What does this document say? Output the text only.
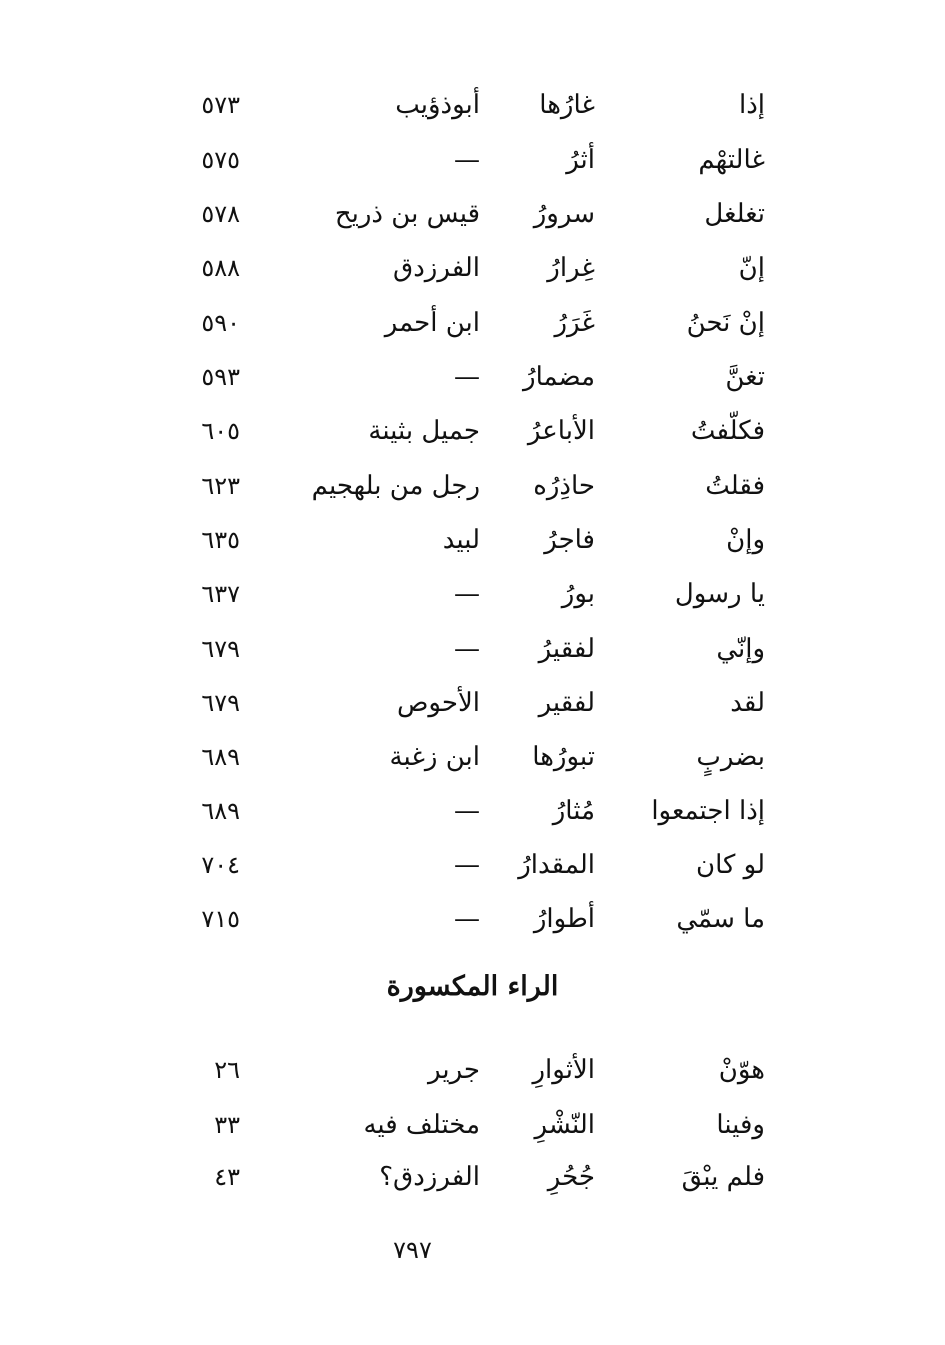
إذا
غارُها
أبوذؤيب
٥٧٣
غالتهْم
أثرُ
—
٥٧٥
تغلغل
سرورُ
قيس بن ذريح
٥٧٨
إنّ
غِرارُ
الفرزدق
٥٨٨
إنْ نَحنُ
غَرَرُ
ابن أحمر
٥٩٠
تغنَّ
مضمارُ
—
٥٩٣
فكلّفتُ
الأباعرُ
جميل بثينة
٦٠٥
فقلتُ
حاذِرُه
رجل من بلهجيم
٦٢٣
وإنْ
فاجرُ
لبيد
٦٣٥
يا رسول
بورُ
—
٦٣٧
وإنّي
لفقيرُ
—
٦٧٩
لقد
لفقير
الأحوص
٦٧٩
بضربٍ
تبورُها
ابن زغبة
٦٨٩
إذا اجتمعوا
مُثارُ
—
٦٨٩
لو كان
المقدارُ
—
٧٠٤
ما سمّي
أطوارُ
—
٧١٥
الراء المكسورة
هوّنْ
الأثوارِ
جرير
٢٦
وفينا
النّشْرِ
مختلف فيه
٣٣
فلم يبْقَ
جُحُرِ
الفرزدق؟
٤٣
٧٩٧
